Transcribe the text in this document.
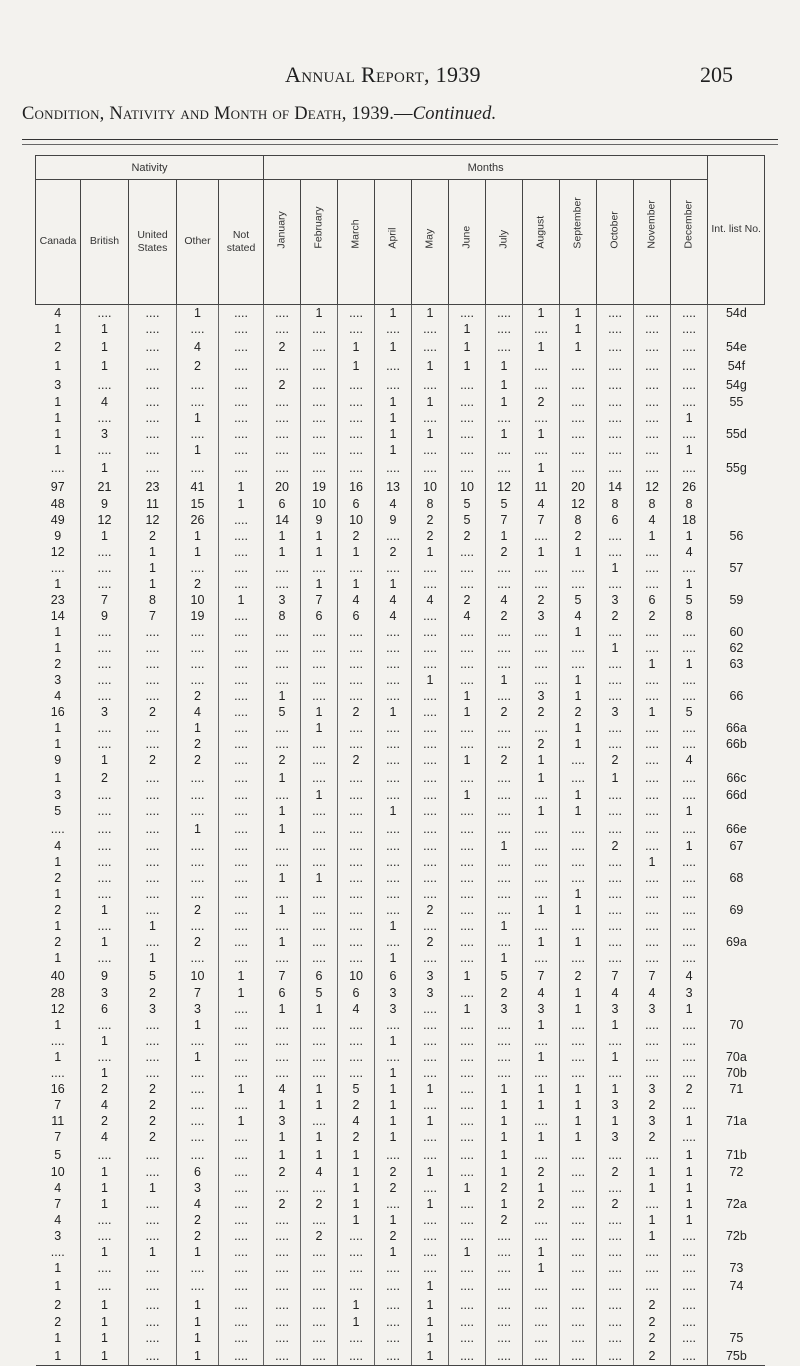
Annual Report, 1939	205
Condition, Nativity and Month of Death, 1939.—Continued.
Nativity					Months												Int. list No.
Canada	British	United States	Other	Not stated	January	February	March	April	May	June	July	August	September	October	November	December	

4	....	....	1	....	....	1	....	1	1	....	....	1	1	....	....	....	54d
1	1	....	....	....	....	....	....	....	....	1	....	....	1	....	....	....	
2	1	....	4	....	2	....	1	1	....	1	....	1	1	....	....	....	54e
1	1	....	2	....	....	....	1	....	1	1	1	....	....	....	....	....	54f
3	....	....	....	....	2	....	....	....	....	....	1	....	....	....	....	....	54g
1	4	....	....	....	....	....	....	1	1	....	1	2	....	....	....	....	55
1	....	....	1	....	....	....	....	1	....	....	....	....	....	....	....	1	
1	3	....	....	....	....	....	....	1	1	....	1	1	....	....	....	....	55d
1	....	....	1	....	....	....	....	1	....	....	....	....	....	....	....	1	
....	1	....	....	....	....	....	....	....	....	....	....	1	....	....	....	....	55g
97	21	23	41	1	20	19	16	13	10	10	12	11	20	14	12	26	
48	9	11	15	1	6	10	6	4	8	5	5	4	12	8	8	8	
49	12	12	26	....	14	9	10	9	2	5	7	7	8	6	4	18	
9	1	2	1	....	1	1	2	....	2	2	1	....	2	....	1	1	56
12	....	1	1	....	1	1	1	2	1	....	2	1	1	....	....	4	
....	....	1	....	....	....	....	....	....	....	....	....	....	....	1	....	....	57
1	....	1	2	....	....	1	1	1	....	....	....	....	....	....	....	1	
23	7	8	10	1	3	7	4	4	4	2	4	2	5	3	6	5	59
14	9	7	19	....	8	6	6	4	....	4	2	3	4	2	2	8	
1	....	....	....	....	....	....	....	....	....	....	....	....	1	....	....	....	60
1	....	....	....	....	....	....	....	....	....	....	....	....	....	1	....	....	62
2	....	....	....	....	....	....	....	....	....	....	....	....	....	....	1	1	63
3	....	....	....	....	....	....	....	....	1	....	1	....	1	....	....	....	
4	....	....	2	....	1	....	....	....	....	1	....	3	1	....	....	....	66
16	3	2	4	....	5	1	2	1	....	1	2	2	2	3	1	5	
1	....	....	1	....	....	1	....	....	....	....	....	....	1	....	....	....	66a
1	....	....	2	....	....	....	....	....	....	....	....	2	1	....	....	....	66b
9	1	2	2	....	2	....	2	....	....	1	2	1	....	2	....	4	
1	2	....	....	....	1	....	....	....	....	....	....	1	....	1	....	....	66c
3	....	....	....	....	....	1	....	....	....	1	....	....	1	....	....	....	66d
5	....	....	....	....	1	....	....	1	....	....	....	1	1	....	....	1	
....	....	....	1	....	1	....	....	....	....	....	....	....	....	....	....	....	66e
4	....	....	....	....	....	....	....	....	....	....	1	....	....	2	....	1	67
1	....	....	....	....	....	....	....	....	....	....	....	....	....	....	1	....	
2	....	....	....	....	1	1	....	....	....	....	....	....	....	....	....	....	68
1	....	....	....	....	....	....	....	....	....	....	....	....	1	....	....	....	
2	1	....	2	....	1	....	....	....	2	....	....	1	1	....	....	....	69
1	....	1	....	....	....	....	....	1	....	....	1	....	....	....	....	....	
2	1	....	2	....	1	....	....	....	2	....	....	1	1	....	....	....	69a
1	....	1	....	....	....	....	....	1	....	....	1	....	....	....	....	....	
40	9	5	10	1	7	6	10	6	3	1	5	7	2	7	7	4	
28	3	2	7	1	6	5	6	3	3	....	2	4	1	4	4	3	
12	6	3	3	....	1	1	4	3	....	1	3	3	1	3	3	1	
1	....	....	1	....	....	....	....	....	....	....	....	1	....	1	....	....	70
....	1	....	....	....	....	....	....	1	....	....	....	....	....	....	....	....	
1	....	....	1	....	....	....	....	....	....	....	....	1	....	1	....	....	70a
....	1	....	....	....	....	....	....	1	....	....	....	....	....	....	....	....	70b
16	2	2	....	1	4	1	5	1	1	....	1	1	1	1	3	2	71
7	4	2	....	....	1	1	2	1	....	....	1	1	1	3	2	....	
11	2	2	....	1	3	....	4	1	1	....	1	....	1	1	3	1	71a
7	4	2	....	....	1	1	2	1	....	....	1	1	1	3	2	....	
5	....	....	....	....	1	1	1	....	....	....	1	....	....	....	....	1	71b
10	1	....	6	....	2	4	1	2	1	....	1	2	....	2	1	1	72
4	1	1	3	....	....	....	1	2	....	1	2	1	....	....	1	1	
7	1	....	4	....	2	2	1	....	1	....	1	2	....	2	....	1	72a
4	....	....	2	....	....	....	1	1	....	....	2	....	....	....	1	1	
3	....	....	2	....	....	2	....	2	....	....	....	....	....	....	1	....	72b
....	1	1	1	....	....	....	....	1	....	1	....	1	....	....	....	....	
1	....	....	....	....	....	....	....	....	....	....	....	1	....	....	....	....	73
1	....	....	....	....	....	....	....	....	1	....	....	....	....	....	....	....	74
2	1	....	1	....	....	....	1	....	1	....	....	....	....	....	2	....	
2	1	....	1	....	....	....	1	....	1	....	....	....	....	....	2	....	
1	1	....	1	....	....	....	....	....	1	....	....	....	....	....	2	....	75
1	1	....	1	....	....	....	....	....	1	....	....	....	....	....	2	....	75b
